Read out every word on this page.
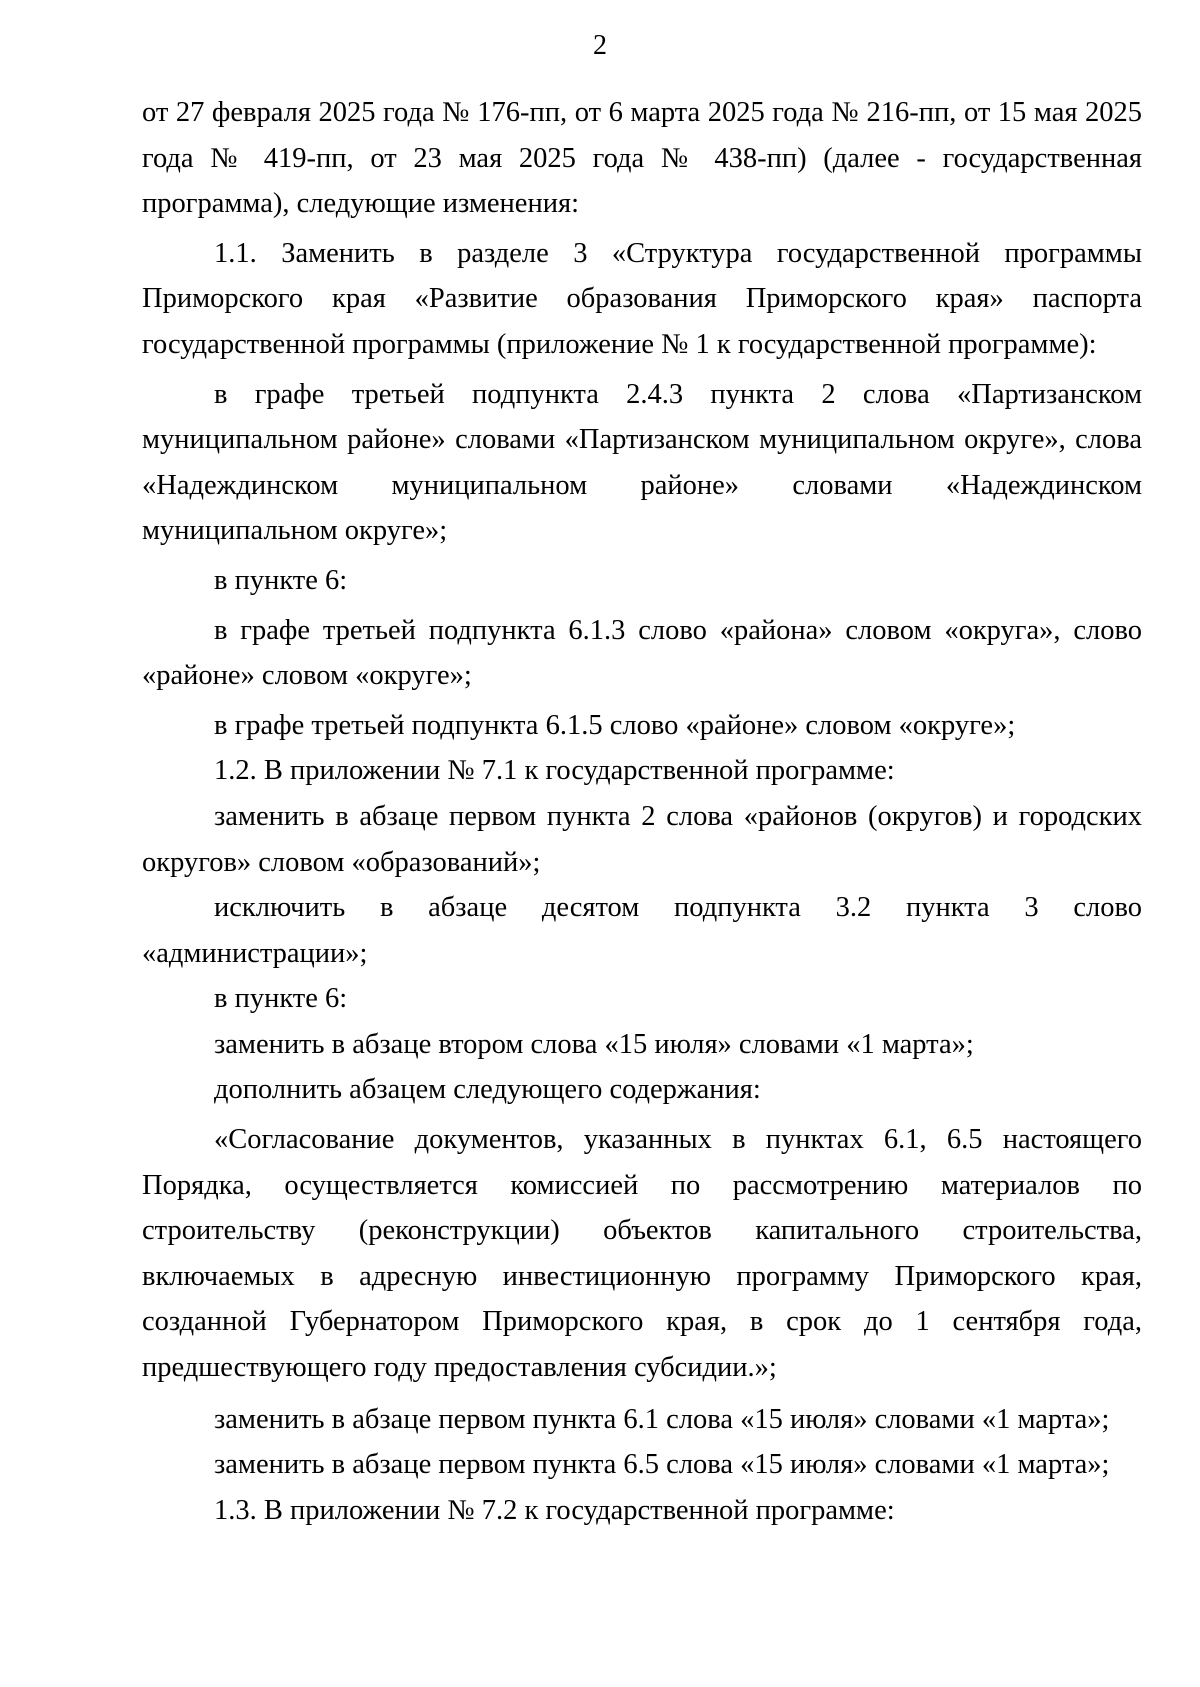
2

от 27 февраля 2025 года № 176-пп, от 6 марта 2025 года № 216-пп, от 15 мая 2025 года № 419-пп, от 23 мая 2025 года № 438-пп) (далее - государственная программа), следующие изменения:

1.1. Заменить в разделе 3 «Структура государственной программы Приморского края «Развитие образования Приморского края» паспорта государственной программы (приложение № 1 к государственной программе):

в графе третьей подпункта 2.4.3 пункта 2 слова «Партизанском муниципальном районе» словами «Партизанском муниципальном округе», слова «Надеждинском муниципальном районе» словами «Надеждинском муниципальном округе»;

в пункте 6:

в графе третьей подпункта 6.1.3 слово «района» словом «округа», слово «районе» словом «округе»;

в графе третьей подпункта 6.1.5 слово «районе» словом «округе»;

1.2. В приложении № 7.1 к государственной программе:

заменить в абзаце первом пункта 2 слова «районов (округов) и городских округов» словом «образований»;

исключить в абзаце десятом подпункта 3.2 пункта 3 слово «администрации»;

в пункте 6:

заменить в абзаце втором слова «15 июля» словами «1 марта»;

дополнить абзацем следующего содержания:

«Согласование документов, указанных в пунктах 6.1, 6.5 настоящего Порядка, осуществляется комиссией по рассмотрению материалов по строительству (реконструкции) объектов капитального строительства, включаемых в адресную инвестиционную программу Приморского края, созданной Губернатором Приморского края, в срок до 1 сентября года, предшествующего году предоставления субсидии.»;

заменить в абзаце первом пункта 6.1 слова «15 июля» словами «1 марта»;

заменить в абзаце первом пункта 6.5 слова «15 июля» словами «1 марта»;

1.3. В приложении № 7.2 к государственной программе:
